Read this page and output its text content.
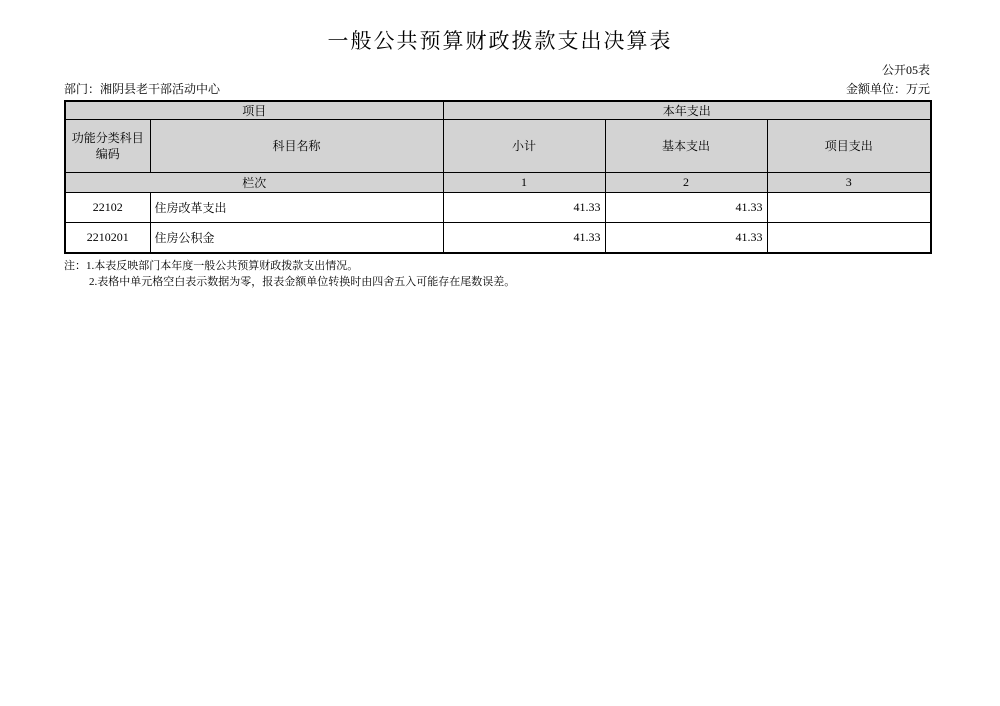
一般公共预算财政拨款支出决算表
公开05表
部门：湘阴县老干部活动中心	金额单位：万元
项目		本年支出		
功能分类科目编码	科目名称	小计	基本支出	项目支出
栏次		1	2	3
22102	住房改革支出	41.33	41.33	
2210201	住房公积金	41.33	41.33	
注：1.本表反映部门本年度一般公共预算财政拨款支出情况。
2.表格中单元格空白表示数据为零，报表金额单位转换时由四舍五入可能存在尾数误差。
